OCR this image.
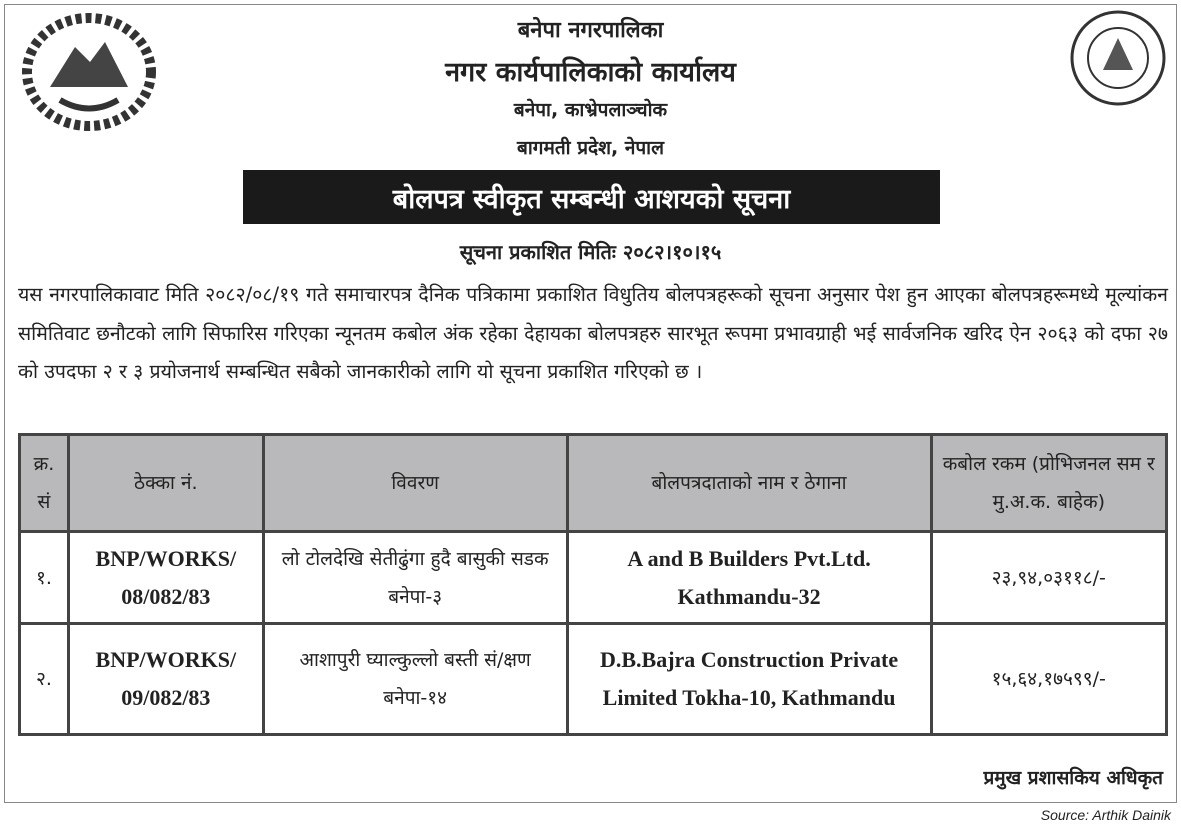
बनेपा नगरपालिका
नगर कार्यपालिकाको कार्यालय
बनेपा, काभ्रेपलाञ्चोक
बागमती प्रदेश, नेपाल
बोलपत्र स्वीकृत सम्बन्धी आशयको सूचना
सूचना प्रकाशित मितिः २०८२।१०।१५
यस नगरपालिकावाट मिति २०८२/०८/१९ गते समाचारपत्र दैनिक पत्रिकामा प्रकाशित विधुतिय बोलपत्रहरूको सूचना अनुसार पेश हुन आएका बोलपत्रहरूमध्ये मूल्यांकन समितिवाट छनौटको लागि सिफारिस गरिएका न्यूनतम कबोल अंक रहेका देहायका बोलपत्रहरु सारभूत रूपमा प्रभावग्राही भई सार्वजनिक खरिद ऐन २०६३ को दफा २७ को उपदफा २ र ३ प्रयोजनार्थ सम्बन्धित सबैको जानकारीको लागि यो सूचना प्रकाशित गरिएको छ ।
क्र. सं	ठेक्का नं.	विवरण	बोलपत्रदाताको नाम र ठेगाना	कबोल रकम (प्रोभिजनल सम र मु.अ.क. बाहेक)
१.	BNP/WORKS/ 08/082/83	लो टोलदेखि सेतीढुंगा हुदै बासुकी सडक बनेपा-३	A and B Builders Pvt.Ltd. Kathmandu-32	२३,९४,०३११८/-
२.	BNP/WORKS/ 09/082/83	आशापुरी घ्याल्कुल्लो बस्ती सं/क्षण बनेपा-१४	D.B.Bajra Construction Private Limited Tokha-10, Kathmandu	१५,६४,१७५९९/-
प्रमुख प्रशासकिय अधिकृत
Source: Arthik Dainik
